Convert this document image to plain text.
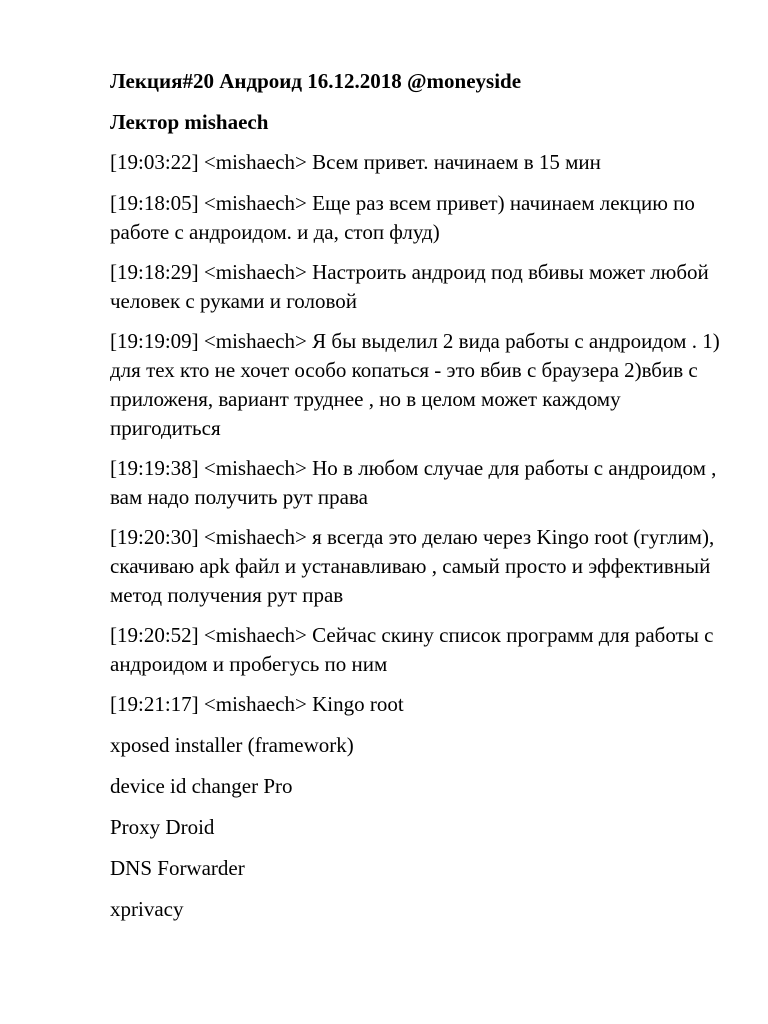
Лекция#20 Андроид 16.12.2018 @moneyside
Лектор mishaech
[19:03:22] <mishaech> Всем привет. начинаем в 15 мин
[19:18:05] <mishaech> Еще раз всем привет) начинаем лекцию по работе с андроидом. и да, стоп флуд)
[19:18:29] <mishaech> Настроить андроид под вбивы может любой человек с руками и головой
[19:19:09] <mishaech> Я бы выделил 2 вида работы с андроидом . 1) для тех кто не хочет особо копаться - это вбив с браузера 2)вбив с приложеня, вариант труднее , но в целом может каждому пригодиться
[19:19:38] <mishaech> Но в любом случае для работы с андроидом , вам надо получить рут права
[19:20:30] <mishaech> я всегда это делаю через Kingo root (гуглим), скачиваю apk файл и устанавливаю , самый просто и эффективный метод получения рут прав
[19:20:52] <mishaech> Сейчас скину список программ для работы с андроидом и пробегусь по ним
[19:21:17] <mishaech> Kingo root
xposed installer (framework)
device id changer Pro
Proxy Droid
DNS Forwarder
xprivacy
